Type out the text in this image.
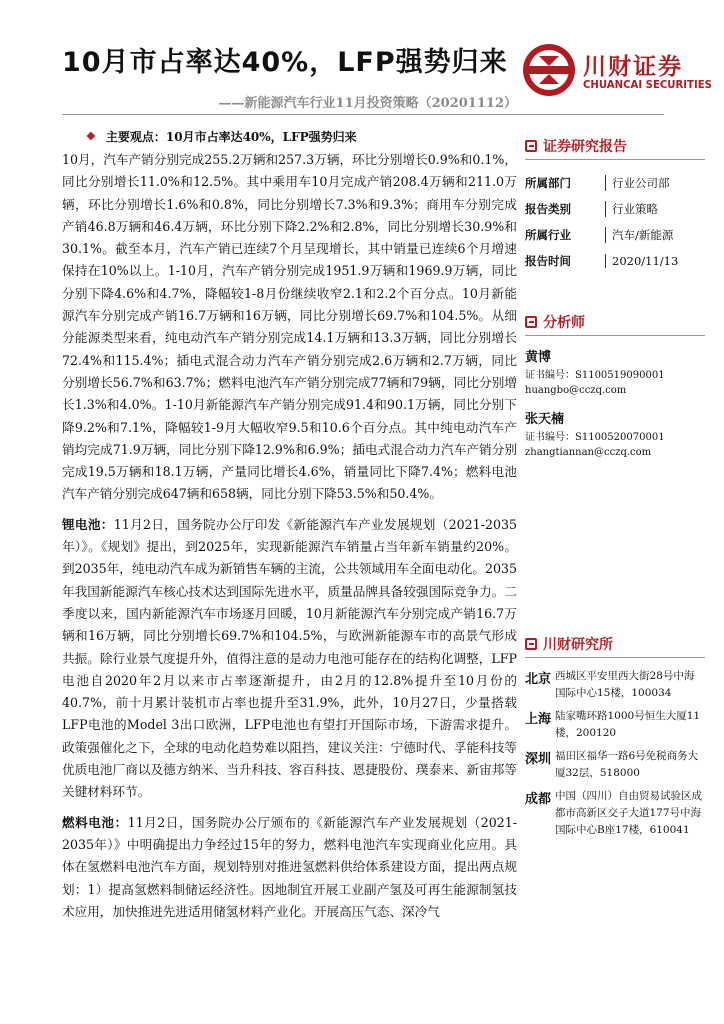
10月市占率达40%，LFP强势归来
——新能源汽车行业11月投资策略（20201112）
川财证券
CHUANCAI SECURITIES
❖ 主要观点：10月市占率达40%，LFP强势归来

10月，汽车产销分别完成255.2万辆和257.3万辆，环比分别增长0.9%和0.1%，同比分别增长11.0%和12.5%。其中乘用车10月完成产销208.4万辆和211.0万辆，环比分别增长1.6%和0.8%，同比分别增长7.3%和9.3%；商用车分别完成产销46.8万辆和46.4万辆，环比分别下降2.2%和2.8%，同比分别增长30.9%和30.1%。截至本月，汽车产销已连续7个月呈现增长，其中销量已连续6个月增速保持在10%以上。1-10月，汽车产销分别完成1951.9万辆和1969.9万辆，同比分别下降4.6%和4.7%，降幅较1-8月份继续收窄2.1和2.2个百分点。10月新能源汽车分别完成产销16.7万辆和16万辆，同比分别增长69.7%和104.5%。从细分能源类型来看，纯电动汽车产销分别完成14.1万辆和13.3万辆，同比分别增长72.4%和115.4%；插电式混合动力汽车产销分别完成2.6万辆和2.7万辆，同比分别增长56.7%和63.7%；燃料电池汽车产销分别完成77辆和79辆，同比分别增长1.3%和4.0%。1-10月新能源汽车产销分别完成91.4和90.1万辆，同比分别下降9.2%和7.1%，降幅较1-9月大幅收窄9.5和10.6个百分点。其中纯电动汽车产销均完成71.9万辆，同比分别下降12.9%和6.9%；插电式混合动力汽车产销分别完成19.5万辆和18.1万辆，产量同比增长4.6%，销量同比下降7.4%；燃料电池汽车产销分别完成647辆和658辆，同比分别下降53.5%和50.4%。

锂电池：11月2日，国务院办公厅印发《新能源汽车产业发展规划（2021-2035年）》。《规划》提出，到2025年，实现新能源汽车销量占当年新车销量约20%。到2035年，纯电动汽车成为新销售车辆的主流，公共领域用车全面电动化。2035年我国新能源汽车核心技术达到国际先进水平，质量品牌具备较强国际竞争力。二季度以来，国内新能源汽车市场逐月回暖，10月新能源汽车分别完成产销16.7万辆和16万辆，同比分别增长69.7%和104.5%，与欧洲新能源车市的高景气形成共振。除行业景气度提升外，值得注意的是动力电池可能存在的结构化调整，LFP电池自2020年2月以来市占率逐渐提升，由2月的12.8%提升至10月份的40.7%，前十月累计装机市占率也提升至31.9%，此外，10月27日，少量搭载LFP电池的Model 3出口欧洲，LFP电池也有望打开国际市场，下游需求提升。政策强催化之下，全球的电动化趋势难以阻挡，建议关注：宁德时代、孚能科技等优质电池厂商以及德方纳米、当升科技、容百科技、恩捷股份、璞泰来、新宙邦等关键材料环节。

燃料电池：11月2日，国务院办公厅颁布的《新能源汽车产业发展规划（2021-2035年）》中明确提出力争经过15年的努力，燃料电池汽车实现商业化应用。具体在氢燃料电池汽车方面，规划特别对推进氢燃料供给体系建设方面，提出两点规划：1）提高氢燃料制储运经济性。因地制宜开展工业副产氢及可再生能源制氢技术应用，加快推进先进适用储氢材料产业化。开展高压气态、深冷气

证券研究报告
所属部门	行业公司部
报告类别	行业策略
所属行业	汽车/新能源
报告时间	2020/11/13
分析师
黄博
证书编号：S1100519090001
huangbo@cczq.com
张天楠
证书编号：S1100520070001
zhangtiannan@cczq.com
川财研究所
北京 西城区平安里西大街28号中海国际中心15楼，100034
上海 陆家嘴环路1000号恒生大厦11楼，200120
深圳 福田区福华一路6号免税商务大厦32层，518000
成都 中国（四川）自由贸易试验区成都市高新区交子大道177号中海国际中心B座17楼，610041
